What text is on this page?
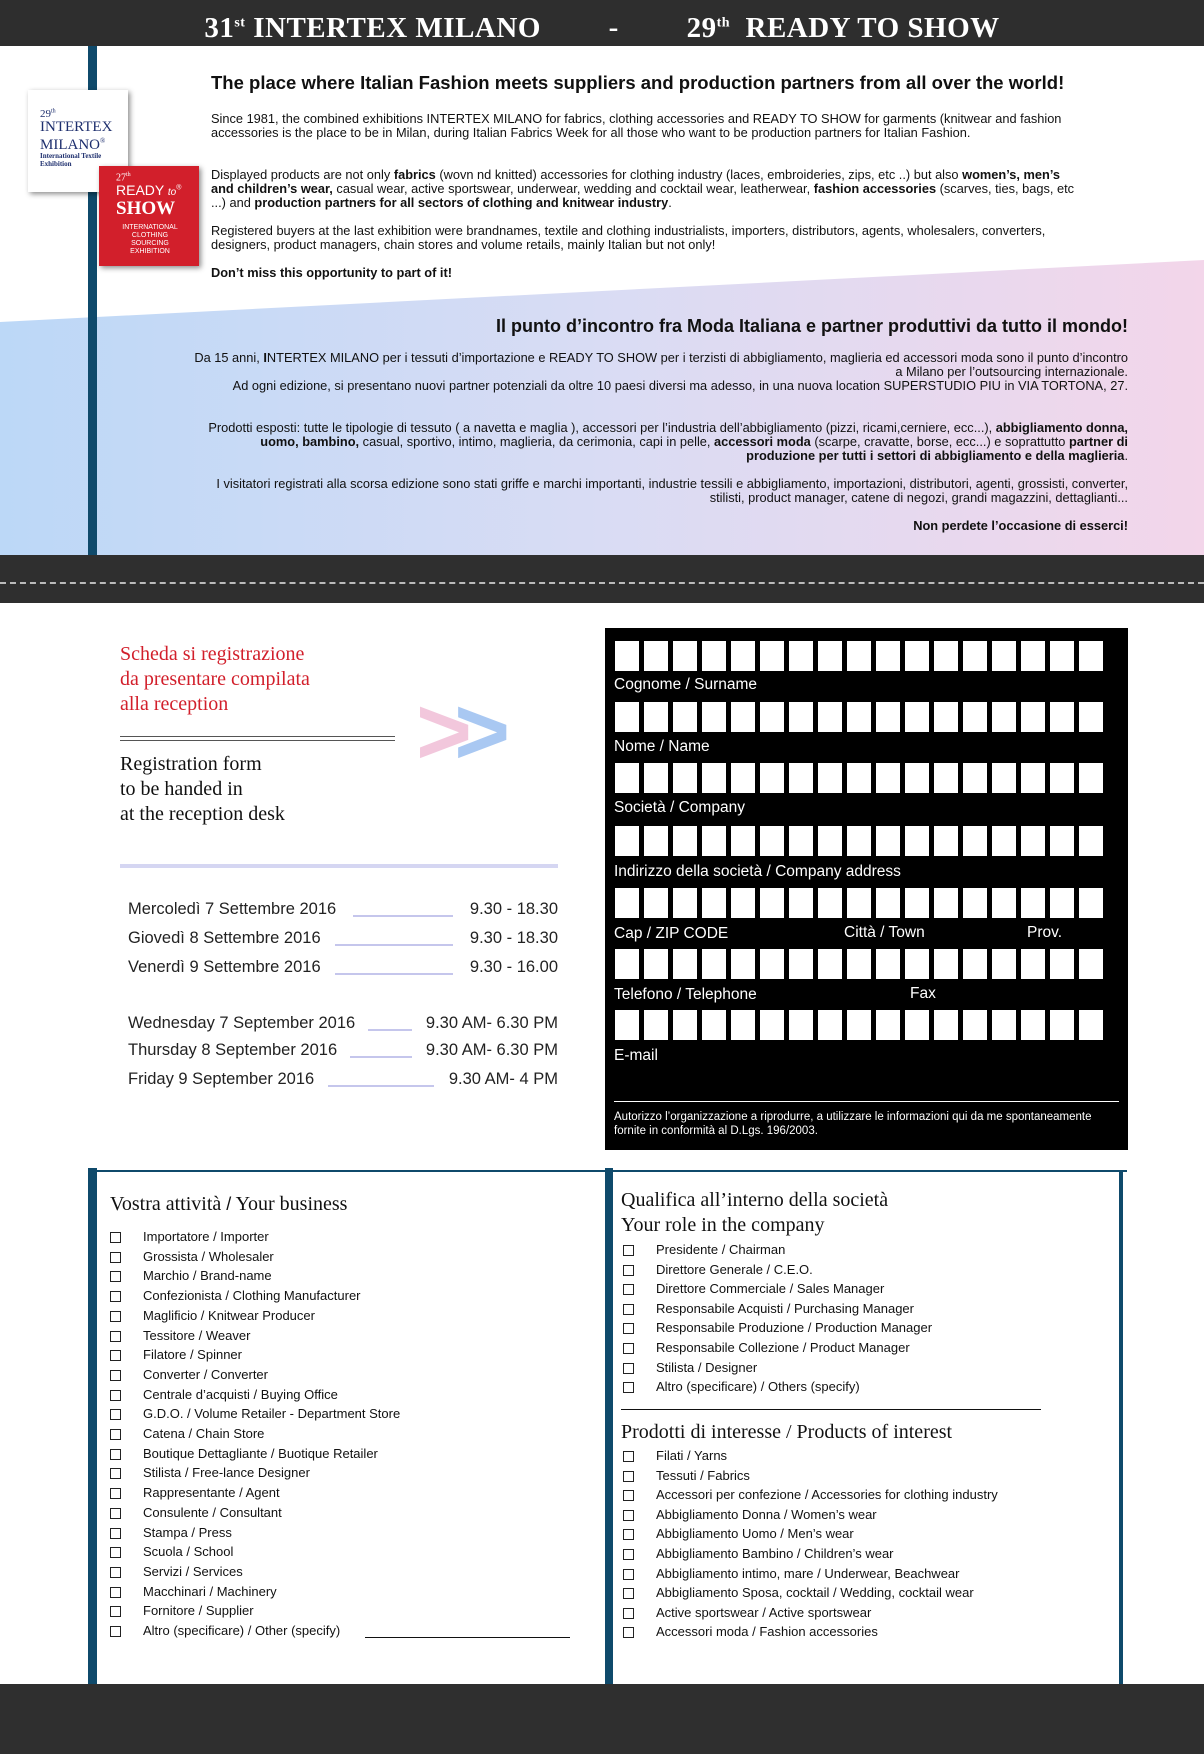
31st INTERTEX MILANO - 29th READY TO SHOW
29th
INTERTEX
MILANO®
International Textile Exhibition
27th
READY to®
SHOW
INTERNATIONAL CLOTHING SOURCING EXHIBITION
The place where Italian Fashion meets suppliers and production partners from all over the world!
Since 1981, the combined exhibitions INTERTEX MILANO for fabrics, clothing accessories and READY TO SHOW for garments (knitwear and fashion accessories is the place to be in Milan, during Italian Fabrics Week for all those who want to be production partners for Italian Fashion.
Displayed products are not only fabrics (wovn nd knitted) accessories for clothing industry (laces, embroideries, zips, etc ..) but also women’s, men’s and children’s wear, casual wear, active sportswear, underwear, wedding and cocktail wear, leatherwear, fashion accessories (scarves, ties, bags, etc ...) and production partners for all sectors of clothing and knitwear industry.
Registered buyers at the last exhibition were brandnames, textile and clothing industrialists, importers, distributors, agents, wholesalers, converters, designers, product managers, chain stores and volume retails, mainly Italian but not only!
Don’t miss this opportunity to part of it!
Il punto d’incontro fra Moda Italiana e partner produttivi da tutto il mondo!
Da 15 anni, INTERTEX MILANO per i tessuti d’importazione e READY TO SHOW per i terzisti di abbigliamento, maglieria ed accessori moda sono il punto d’incontro a Milano per l’outsourcing internazionale.
Ad ogni edizione, si presentano nuovi partner potenziali da oltre 10 paesi diversi ma adesso, in una nuova location SUPERSTUDIO PIU in VIA TORTONA, 27.
Prodotti esposti: tutte le tipologie di tessuto ( a navetta e maglia ), accessori per l’industria dell’abbigliamento (pizzi, ricami,cerniere, ecc...), abbigliamento donna, uomo, bambino, casual, sportivo, intimo, maglieria, da cerimonia, capi in pelle, accessori moda (scarpe, cravatte, borse, ecc...) e soprattutto partner di produzione per tutti i settori di abbigliamento e della maglieria.
I visitatori registrati alla scorsa edizione sono stati griffe e marchi importanti, industrie tessili e abbigliamento, importazioni, distributori, agenti, grossisti, converter, stilisti, product manager, catene di negozi, grandi magazzini, dettaglianti...
Non perdete l’occasione di esserci!
Scheda si registrazione
da presentare compilata
alla reception
Registration form
to be handed in
at the reception desk
>>
Mercoledì 7 Settembre 2016	9.30 - 18.30
Giovedì 8 Settembre 2016	9.30 - 18.30
Venerdì 9 Settembre 2016	9.30 - 16.00
Wednesday 7 September 2016	9.30 AM- 6.30 PM
Thursday 8 September 2016	9.30 AM- 6.30 PM
Friday 9 September 2016	9.30 AM- 4 PM
Cognome / Surname
Nome / Name
Società / Company
Indirizzo della società / Company address
Cap / ZIP CODE	Città / Town	Prov.
Telefono / Telephone	Fax
E-mail
Autorizzo l’organizzazione a riprodurre, a utilizzare le informazioni qui da me spontaneamente fornite in conformità al D.Lgs. 196/2003.
Vostra attività / Your business
Importatore / Importer
Grossista / Wholesaler
Marchio / Brand-name
Confezionista / Clothing Manufacturer
Maglificio / Knitwear Producer
Tessitore / Weaver
Filatore / Spinner
Converter / Converter
Centrale d’acquisti / Buying Office
G.D.O. / Volume Retailer - Department Store
Catena / Chain Store
Boutique Dettagliante / Buotique Retailer
Stilista / Free-lance Designer
Rappresentante / Agent
Consulente / Consultant
Stampa / Press
Scuola / School
Servizi / Services
Macchinari / Machinery
Fornitore / Supplier
Altro (specificare) / Other (specify)
Qualifica all’interno della società
Your role in the company
Presidente / Chairman
Direttore Generale / C.E.O.
Direttore Commerciale / Sales Manager
Responsabile Acquisti / Purchasing Manager
Responsabile Produzione / Production Manager
Responsabile Collezione / Product Manager
Stilista / Designer
Altro (specificare) / Others (specify)
Prodotti di interesse / Products of interest
Filati / Yarns
Tessuti / Fabrics
Accessori per confezione / Accessories for clothing industry
Abbigliamento Donna / Women’s wear
Abbigliamento Uomo / Men’s wear
Abbigliamento Bambino / Children’s wear
Abbigliamento intimo, mare / Underwear, Beachwear
Abbigliamento Sposa, cocktail / Wedding, cocktail wear
Active sportswear / Active sportswear
Accessori moda / Fashion accessories
